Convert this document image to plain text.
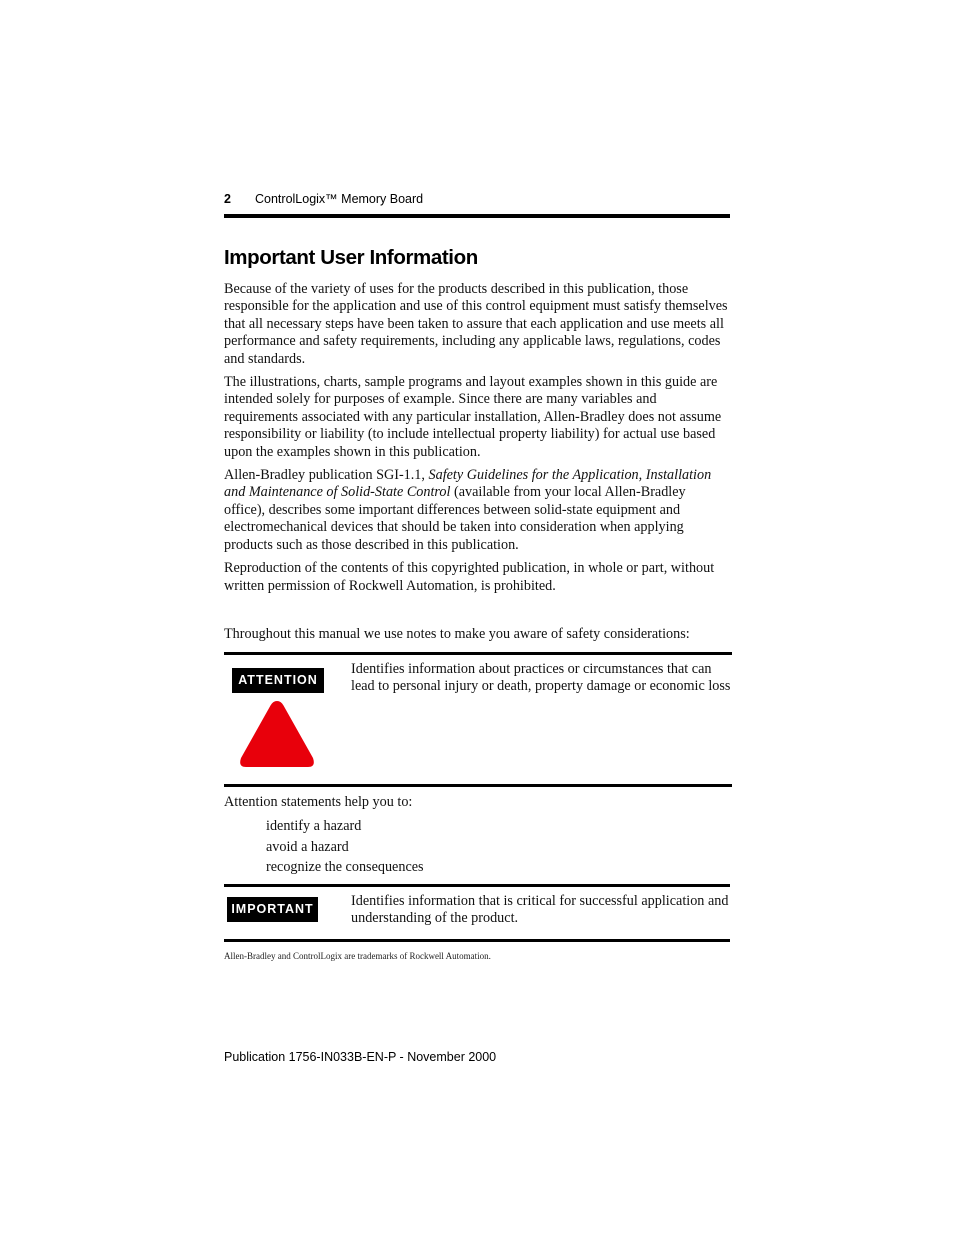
2	ControlLogix™ Memory Board
Important User Information

Because of the variety of uses for the products described in this publication, those responsible for the application and use of this control equipment must satisfy themselves that all necessary steps have been taken to assure that each application and use meets all performance and safety requirements, including any applicable laws, regulations, codes and standards.

The illustrations, charts, sample programs and layout examples shown in this guide are intended solely for purposes of example. Since there are many variables and requirements associated with any particular installation, Allen-Bradley does not assume responsibility or liability (to include intellectual property liability) for actual use based upon the examples shown in this publication.

Allen-Bradley publication SGI-1.1, Safety Guidelines for the Application, Installation and Maintenance of Solid-State Control (available from your local Allen-Bradley office), describes some important differences between solid-state equipment and electromechanical devices that should be taken into consideration when applying products such as those described in this publication.

Reproduction of the contents of this copyrighted publication, in whole or part, without written permission of Rockwell Automation, is prohibited.

Throughout this manual we use notes to make you aware of safety considerations:
ATTENTION
Identifies information about practices or circumstances that can lead to personal injury or death, property damage or economic loss
Attention statements help you to:
identify a hazard
avoid a hazard
recognize the consequences
IMPORTANT	Identifies information that is critical for successful application and understanding of the product.
Allen-Bradley and ControlLogix are trademarks of Rockwell Automation.
Publication 1756-IN033B-EN-P - November 2000
